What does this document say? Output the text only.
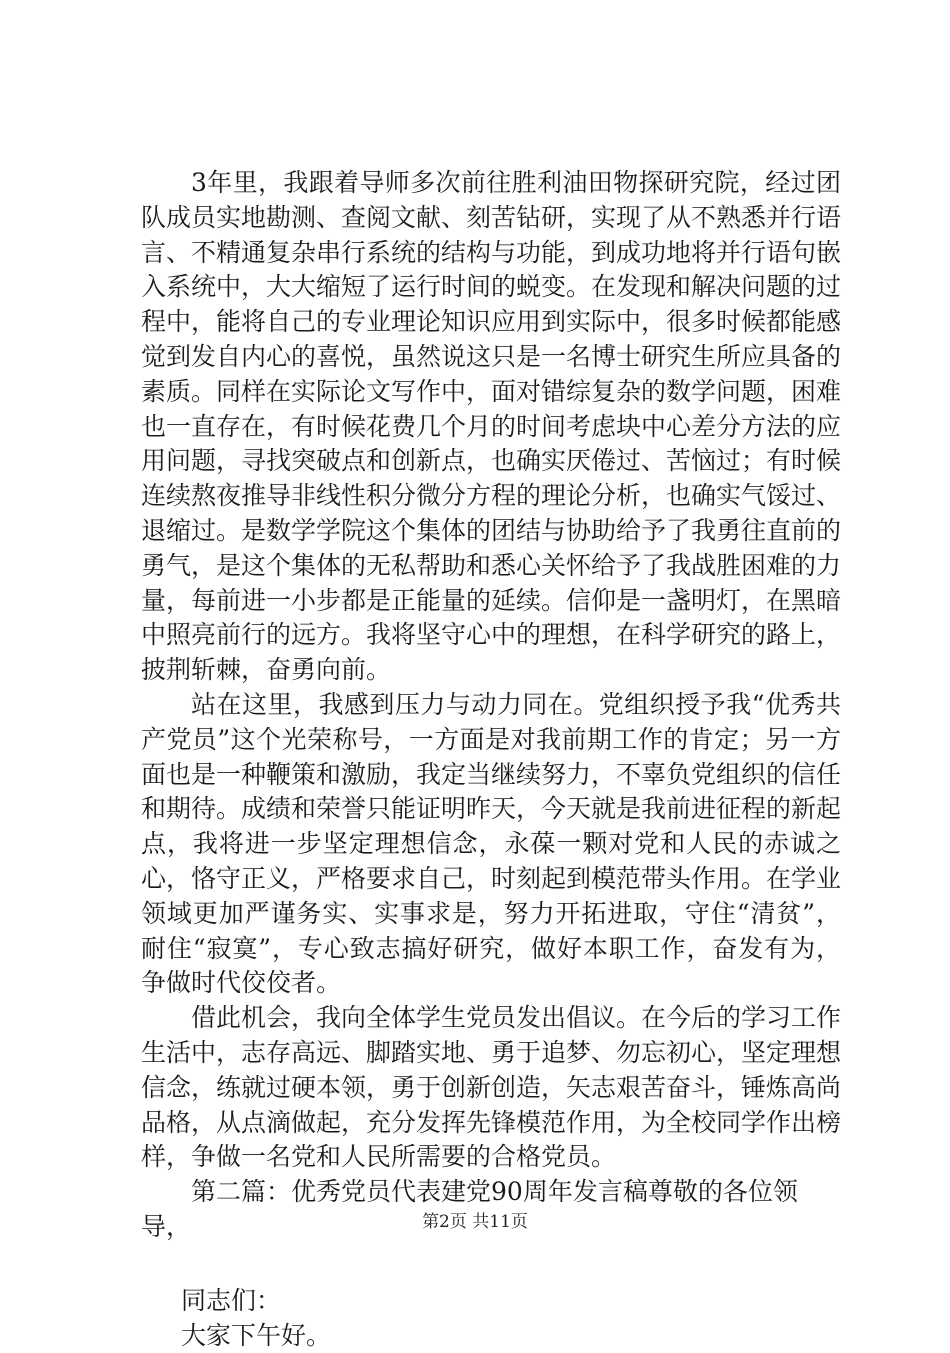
3年里，我跟着导师多次前往胜利油田物探研究院，经过团队成员实地勘测、查阅文献、刻苦钻研，实现了从不熟悉并行语言、不精通复杂串行系统的结构与功能，到成功地将并行语句嵌入系统中，大大缩短了运行时间的蜕变。在发现和解决问题的过程中，能将自己的专业理论知识应用到实际中，很多时候都能感觉到发自内心的喜悦，虽然说这只是一名博士研究生所应具备的素质。同样在实际论文写作中，面对错综复杂的数学问题，困难也一直存在，有时候花费几个月的时间考虑块中心差分方法的应用问题，寻找突破点和创新点，也确实厌倦过、苦恼过；有时候连续熬夜推导非线性积分微分方程的理论分析，也确实气馁过、退缩过。是数学学院这个集体的团结与协助给予了我勇往直前的勇气，是这个集体的无私帮助和悉心关怀给予了我战胜困难的力量，每前进一小步都是正能量的延续。信仰是一盏明灯，在黑暗中照亮前行的远方。我将坚守心中的理想，在科学研究的路上，披荆斩棘，奋勇向前。

站在这里，我感到压力与动力同在。党组织授予我“优秀共产党员”这个光荣称号，一方面是对我前期工作的肯定；另一方面也是一种鞭策和激励，我定当继续努力，不辜负党组织的信任和期待。成绩和荣誉只能证明昨天，今天就是我前进征程的新起点，我将进一步坚定理想信念，永葆一颗对党和人民的赤诚之心，恪守正义，严格要求自己，时刻起到模范带头作用。在学业领域更加严谨务实、实事求是，努力开拓进取，守住“清贫”，耐住“寂寞”，专心致志搞好研究，做好本职工作，奋发有为，争做时代佼佼者。

借此机会，我向全体学生党员发出倡议。在今后的学习工作生活中，志存高远、脚踏实地、勇于追梦、勿忘初心，坚定理想信念，练就过硬本领，勇于创新创造，矢志艰苦奋斗，锤炼高尚品格，从点滴做起，充分发挥先锋模范作用，为全校同学作出榜样，争做一名党和人民所需要的合格党员。

第二篇：优秀党员代表建党90周年发言稿尊敬的各位领导，

同志们：

大家下午好。

第2页 共11页
